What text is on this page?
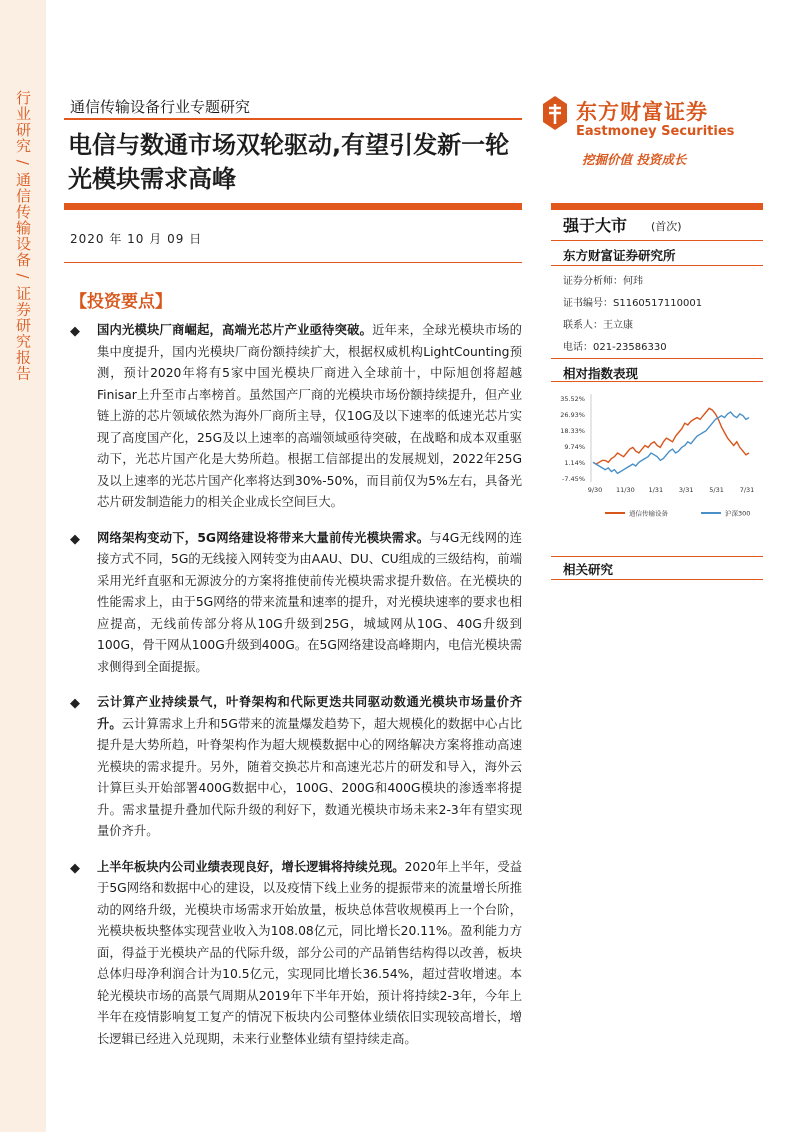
行业研究 / 通信传输设备 / 证券研究报告	通信传输设备行业专题研究
电信与数通市场双轮驱动,有望引发新一轮光模块需求高峰
2020 年 10 月 09 日
【投资要点】
◆ 国内光模块厂商崛起，高端光芯片产业亟待突破。近年来，全球光模块市场的集中度提升，国内光模块厂商份额持续扩大，根据权威机构LightCounting预测，预计2020年将有5家中国光模块厂商进入全球前十，中际旭创将超越Finisar上升至市占率榜首。虽然国产厂商的光模块市场份额持续提升，但产业链上游的芯片领域依然为海外厂商所主导，仅10G及以下速率的低速光芯片实现了高度国产化，25G及以上速率的高端领域亟待突破，在战略和成本双重驱动下，光芯片国产化是大势所趋。根据工信部提出的发展规划，2022年25G及以上速率的光芯片国产化率将达到30%-50%，而目前仅为5%左右，具备光芯片研发制造能力的相关企业成长空间巨大。

◆ 网络架构变动下，5G网络建设将带来大量前传光模块需求。与4G无线网的连接方式不同，5G的无线接入网转变为由AAU、DU、CU组成的三级结构，前端采用光纤直驱和无源波分的方案将推使前传光模块需求提升数倍。在光模块的性能需求上，由于5G网络的带来流量和速率的提升，对光模块速率的要求也相应提高，无线前传部分将从10G升级到25G，城域网从10G、40G升级到100G，骨干网从100G升级到400G。在5G网络建设高峰期内，电信光模块需求侧得到全面提振。

◆ 云计算产业持续景气，叶脊架构和代际更迭共同驱动数通光模块市场量价齐升。云计算需求上升和5G带来的流量爆发趋势下，超大规模化的数据中心占比提升是大势所趋，叶脊架构作为超大规模数据中心的网络解决方案将推动高速光模块的需求提升。另外，随着交换芯片和高速光芯片的研发和导入，海外云计算巨头开始部署400G数据中心，100G、200G和400G模块的渗透率将提升。需求量提升叠加代际升级的利好下，数通光模块市场未来2-3年有望实现量价齐升。

◆ 上半年板块内公司业绩表现良好，增长逻辑将持续兑现。2020年上半年，受益于5G网络和数据中心的建设，以及疫情下线上业务的提振带来的流量增长所推动的网络升级，光模块市场需求开始放量，板块总体营收规模再上一个台阶，光模块板块整体实现营业收入为108.08亿元，同比增长20.11%。盈利能力方面，得益于光模块产品的代际升级，部分公司的产品销售结构得以改善，板块总体归母净利润合计为10.5亿元，实现同比增长36.54%，超过营收增速。本轮光模块市场的高景气周期从2019年下半年开始，预计将持续2-3年，今年上半年在疫情影响复工复产的情况下板块内公司整体业绩依旧实现较高增长，增长逻辑已经进入兑现期，未来行业整体业绩有望持续走高。

东方财富证券
Eastmoney Securities
挖掘价值 投资成长
强于大市 (首次)
东方财富证券研究所
证券分析师：何玮
证书编号：S1160517110001
联系人：王立康
电话：021-23586330
相对指数表现
35.52%
26.93%
18.33%
9.74%
1.14%
-7.45%
9/30 11/30 1/31 3/31 5/31 7/31
通信传输设备	沪深300
相关研究
